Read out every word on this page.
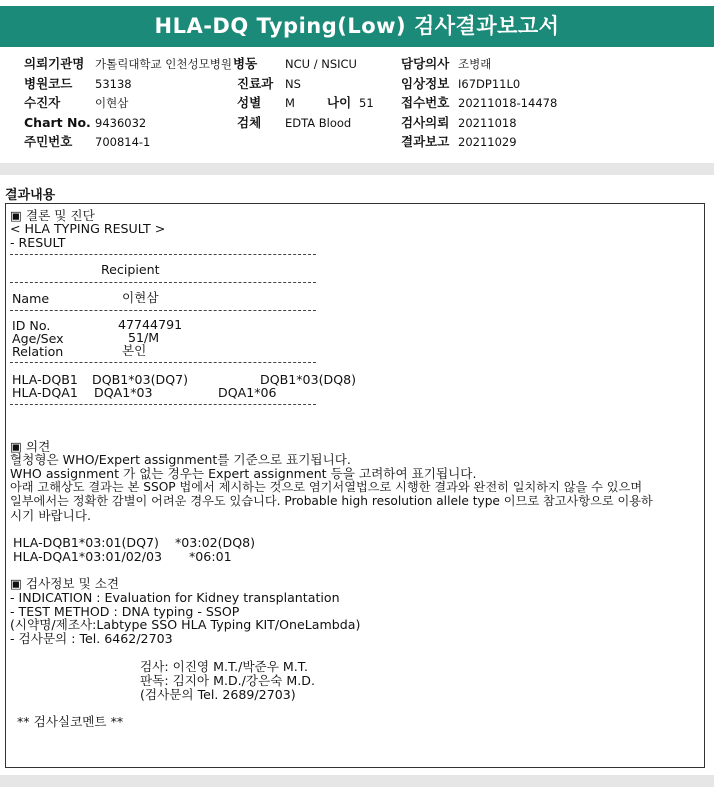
HLA-DQ Typing(Low) 검사결과보고서
의뢰기관명 가톨릭대학교 인천성모병원 병동 NCU / NSICU	담당의사 조병래
병원코드 53138	진료과 NS	임상정보 I67DP11L0
수진자	이현삼	성별 M	나이 51 접수번호 20211018-14478
Chart No. 9436032	검체 EDTA Blood	검사의뢰 20211018
주민번호 700814-1	결과보고 20211029
결과내용
▣ 결론 및 진단
< HLA TYPING RESULT >
- RESULT
Recipient
Name	이현삼
ID No.	47744791
Age/Sex	51/M
Relation	본인
HLA-DQB1 DQB1*03(DQ7)	DQB1*03(DQ8)
HLA-DQA1 DQA1*03	DQA1*06
▣ 의견
혈청형은 WHO/Expert assignment를 기준으로 표기됩니다.
WHO assignment 가 없는 경우는 Expert assignment 등을 고려하여 표기됩니다.
아래 고해상도 결과는 본 SSOP 법에서 제시하는 것으로 염기서열법으로 시행한 결과와 완전히 일치하지 않을 수 있으며
일부에서는 정확한 감별이 어려운 경우도 있습니다. Probable high resolution allele type 이므로 참고사항으로 이용하
시기 바랍니다.
HLA-DQB1*03:01(DQ7) *03:02(DQ8)
HLA-DQA1*03:01/02/03 *06:01
▣ 검사정보 및 소견
- INDICATION : Evaluation for Kidney transplantation
- TEST METHOD : DNA typing - SSOP
(시약명/제조사:Labtype SSO HLA Typing KIT/OneLambda)
- 검사문의 : Tel. 6462/2703
검사: 이진영 M.T./박준우 M.T.
판독: 김지아 M.D./강은숙 M.D.
(검사문의 Tel. 2689/2703)
** 검사실코멘트 **
